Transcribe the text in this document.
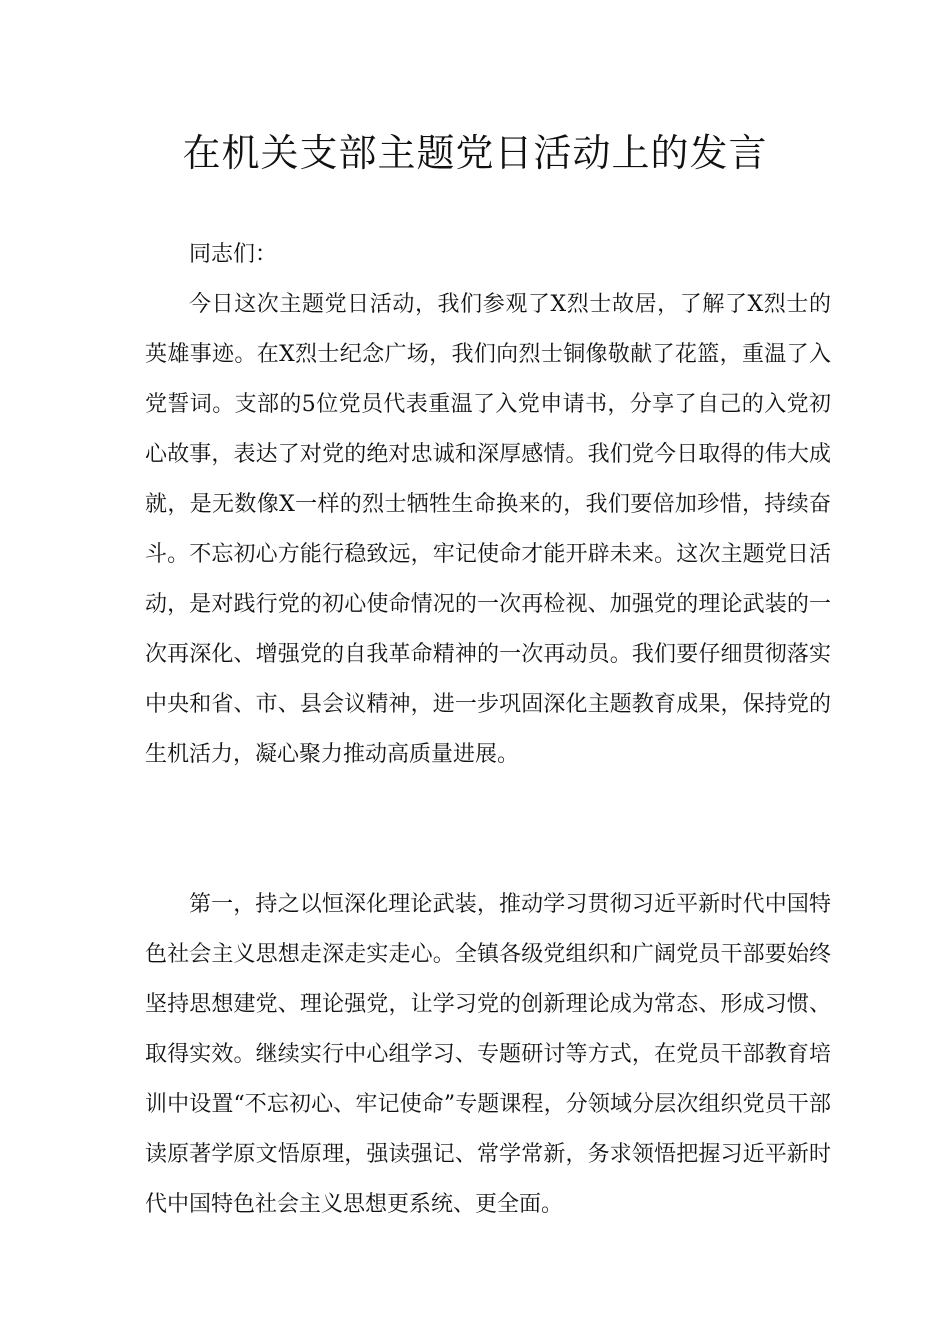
在机关支部主题党日活动上的发言

同志们：

今日这次主题党日活动，我们参观了X烈士故居，了解了X烈士的英雄事迹。在X烈士纪念广场，我们向烈士铜像敬献了花篮，重温了入党誓词。支部的5位党员代表重温了入党申请书，分享了自己的入党初心故事，表达了对党的绝对忠诚和深厚感情。我们党今日取得的伟大成就，是无数像X一样的烈士牺牲生命换来的，我们要倍加珍惜，持续奋斗。不忘初心方能行稳致远，牢记使命才能开辟未来。这次主题党日活动，是对践行党的初心使命情况的一次再检视、加强党的理论武装的一次再深化、增强党的自我革命精神的一次再动员。我们要仔细贯彻落实中央和省、市、县会议精神，进一步巩固深化主题教育成果，保持党的生机活力，凝心聚力推动高质量进展。

第一，持之以恒深化理论武装，推动学习贯彻习近平新时代中国特色社会主义思想走深走实走心。全镇各级党组织和广阔党员干部要始终坚持思想建党、理论强党，让学习党的创新理论成为常态、形成习惯、取得实效。继续实行中心组学习、专题研讨等方式，在党员干部教育培训中设置“不忘初心、牢记使命”专题课程，分领域分层次组织党员干部读原著学原文悟原理，强读强记、常学常新，务求领悟把握习近平新时代中国特色社会主义思想更系统、更全面。
